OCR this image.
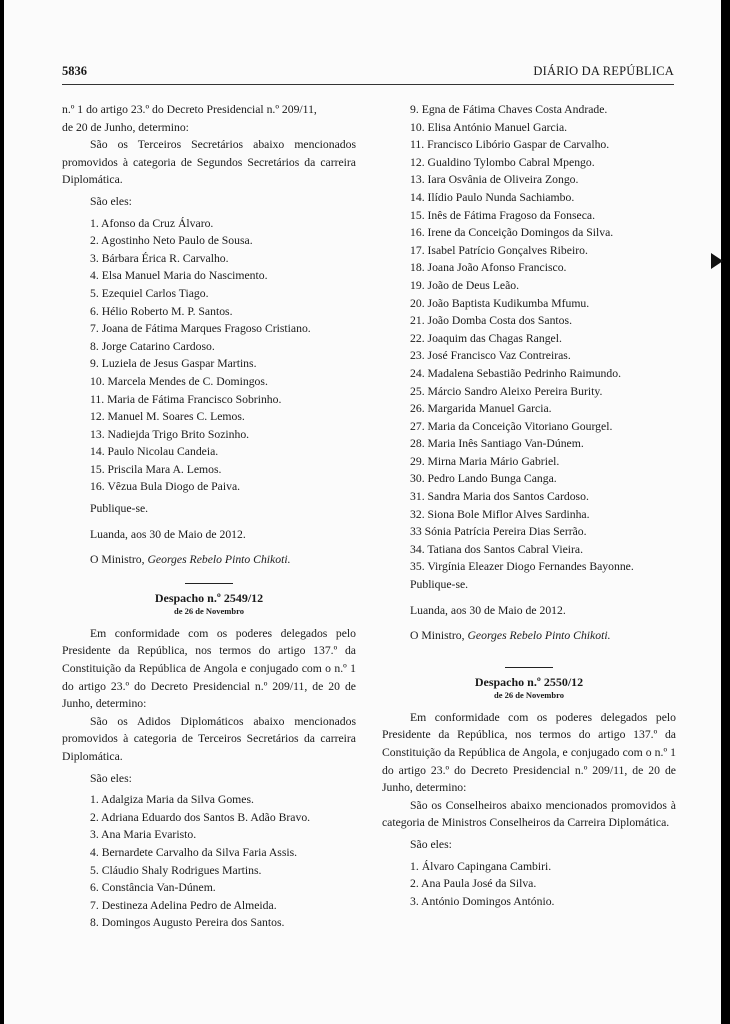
5836	DIÁRIO DA REPÚBLICA

n.º 1 do artigo 23.º do Decreto Presidencial n.º 209/11,

de 20 de Junho, determino:

São os Terceiros Secretários abaixo mencionados promovidos à categoria de Segundos Secretários da carreira Diplomática.

São eles:

1. Afonso da Cruz Álvaro.

2. Agostinho Neto Paulo de Sousa.

3. Bárbara Érica R. Carvalho.

4. Elsa Manuel Maria do Nascimento.

5. Ezequiel Carlos Tiago.

6. Hélio Roberto M. P. Santos.

7. Joana de Fátima Marques Fragoso Cristiano.

8. Jorge Catarino Cardoso.

9. Luziela de Jesus Gaspar Martins.

10. Marcela Mendes de C. Domingos.

11. Maria de Fátima Francisco Sobrinho.

12. Manuel M. Soares C. Lemos.

13. Nadiejda Trigo Brito Sozinho.

14. Paulo Nicolau Candeia.

15. Priscila Mara A. Lemos.

16. Vêzua Bula Diogo de Paiva.

Publique-se.

Luanda, aos 30 de Maio de 2012.

O Ministro, Georges Rebelo Pinto Chikoti.

Despacho n.º 2549/12
de 26 de Novembro

Em conformidade com os poderes delegados pelo Presidente da República, nos termos do artigo 137.º da Constituição da República de Angola e conjugado com o n.º 1 do artigo 23.º do Decreto Presidencial n.º 209/11, de 20 de Junho, determino:

São os Adidos Diplomáticos abaixo mencionados promovidos à categoria de Terceiros Secretários da carreira Diplomática.

São eles:

1. Adalgiza Maria da Silva Gomes.

2. Adriana Eduardo dos Santos B. Adão Bravo.

3. Ana Maria Evaristo.

4. Bernardete Carvalho da Silva Faria Assis.

5. Cláudio Shaly Rodrigues Martins.

6. Constância Van-Dúnem.

7. Destineza Adelina Pedro de Almeida.

8. Domingos Augusto Pereira dos Santos.

9. Egna de Fátima Chaves Costa Andrade.

10. Elisa António Manuel Garcia.

11. Francisco Libório Gaspar de Carvalho.

12. Gualdino Tylombo Cabral Mpengo.

13. Iara Osvânia de Oliveira Zongo.

14. Ilídio Paulo Nunda Sachiambo.

15. Inês de Fátima Fragoso da Fonseca.

16. Irene da Conceição Domingos da Silva.

17. Isabel Patrício Gonçalves Ribeiro.

18. Joana João Afonso Francisco.

19. João de Deus Leão.

20. João Baptista Kudikumba Mfumu.

21. João Domba Costa dos Santos.

22. Joaquim das Chagas Rangel.

23. José Francisco Vaz Contreiras.

24. Madalena Sebastião Pedrinho Raimundo.

25. Márcio Sandro Aleixo Pereira Burity.

26. Margarida Manuel Garcia.

27. Maria da Conceição Vitoriano Gourgel.

28. Maria Inês Santiago Van-Dúnem.

29. Mirna Maria Mário Gabriel.

30. Pedro Lando Bunga Canga.

31. Sandra Maria dos Santos Cardoso.

32. Siona Bole Miflor Alves Sardinha.

33 Sónia Patrícia Pereira Dias Serrão.

34. Tatiana dos Santos Cabral Vieira.

35. Virgínia Eleazer Diogo Fernandes Bayonne.

Publique-se.

Luanda, aos 30 de Maio de 2012.

O Ministro, Georges Rebelo Pinto Chikoti.

Despacho n.º 2550/12
de 26 de Novembro

Em conformidade com os poderes delegados pelo Presidente da República, nos termos do artigo 137.º da Constituição da República de Angola, e conjugado com o n.º 1 do artigo 23.º do Decreto Presidencial n.º 209/11, de 20 de Junho, determino:

São os Conselheiros abaixo mencionados promovidos à categoria de Ministros Conselheiros da Carreira Diplomática.

São eles:

1. Álvaro Capingana Cambiri.

2. Ana Paula José da Silva.

3. António Domingos António.
